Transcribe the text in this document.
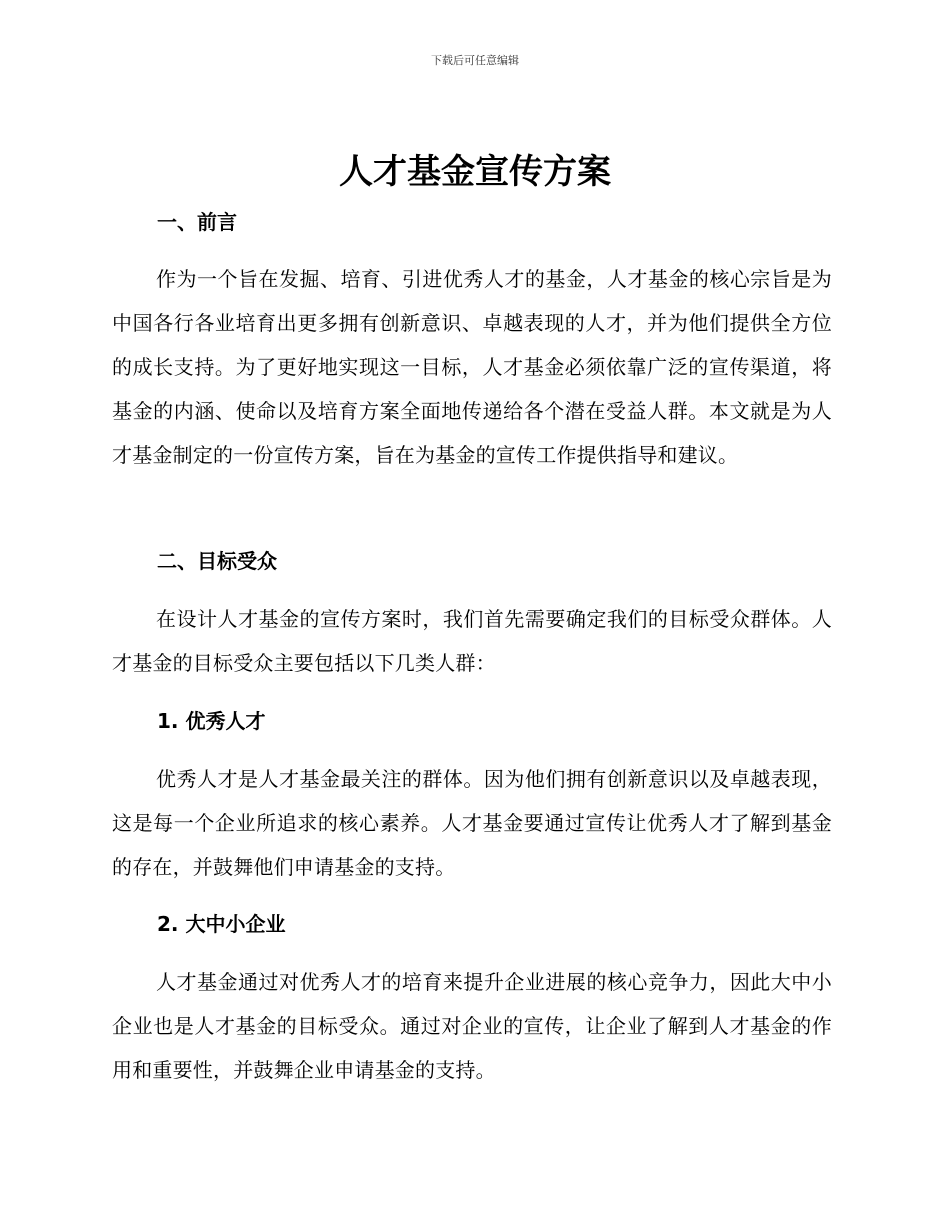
下载后可任意编辑
人才基金宣传方案
一、前言

作为一个旨在发掘、培育、引进优秀人才的基金，人才基金的核心宗旨是为中国各行各业培育出更多拥有创新意识、卓越表现的人才，并为他们提供全方位的成长支持。为了更好地实现这一目标，人才基金必须依靠广泛的宣传渠道，将基金的内涵、使命以及培育方案全面地传递给各个潜在受益人群。本文就是为人才基金制定的一份宣传方案，旨在为基金的宣传工作提供指导和建议。

二、目标受众

在设计人才基金的宣传方案时，我们首先需要确定我们的目标受众群体。人才基金的目标受众主要包括以下几类人群：

1. 优秀人才

优秀人才是人才基金最关注的群体。因为他们拥有创新意识以及卓越表现，这是每一个企业所追求的核心素养。人才基金要通过宣传让优秀人才了解到基金的存在，并鼓舞他们申请基金的支持。

2. 大中小企业

人才基金通过对优秀人才的培育来提升企业进展的核心竞争力，因此大中小企业也是人才基金的目标受众。通过对企业的宣传，让企业了解到人才基金的作用和重要性，并鼓舞企业申请基金的支持。
